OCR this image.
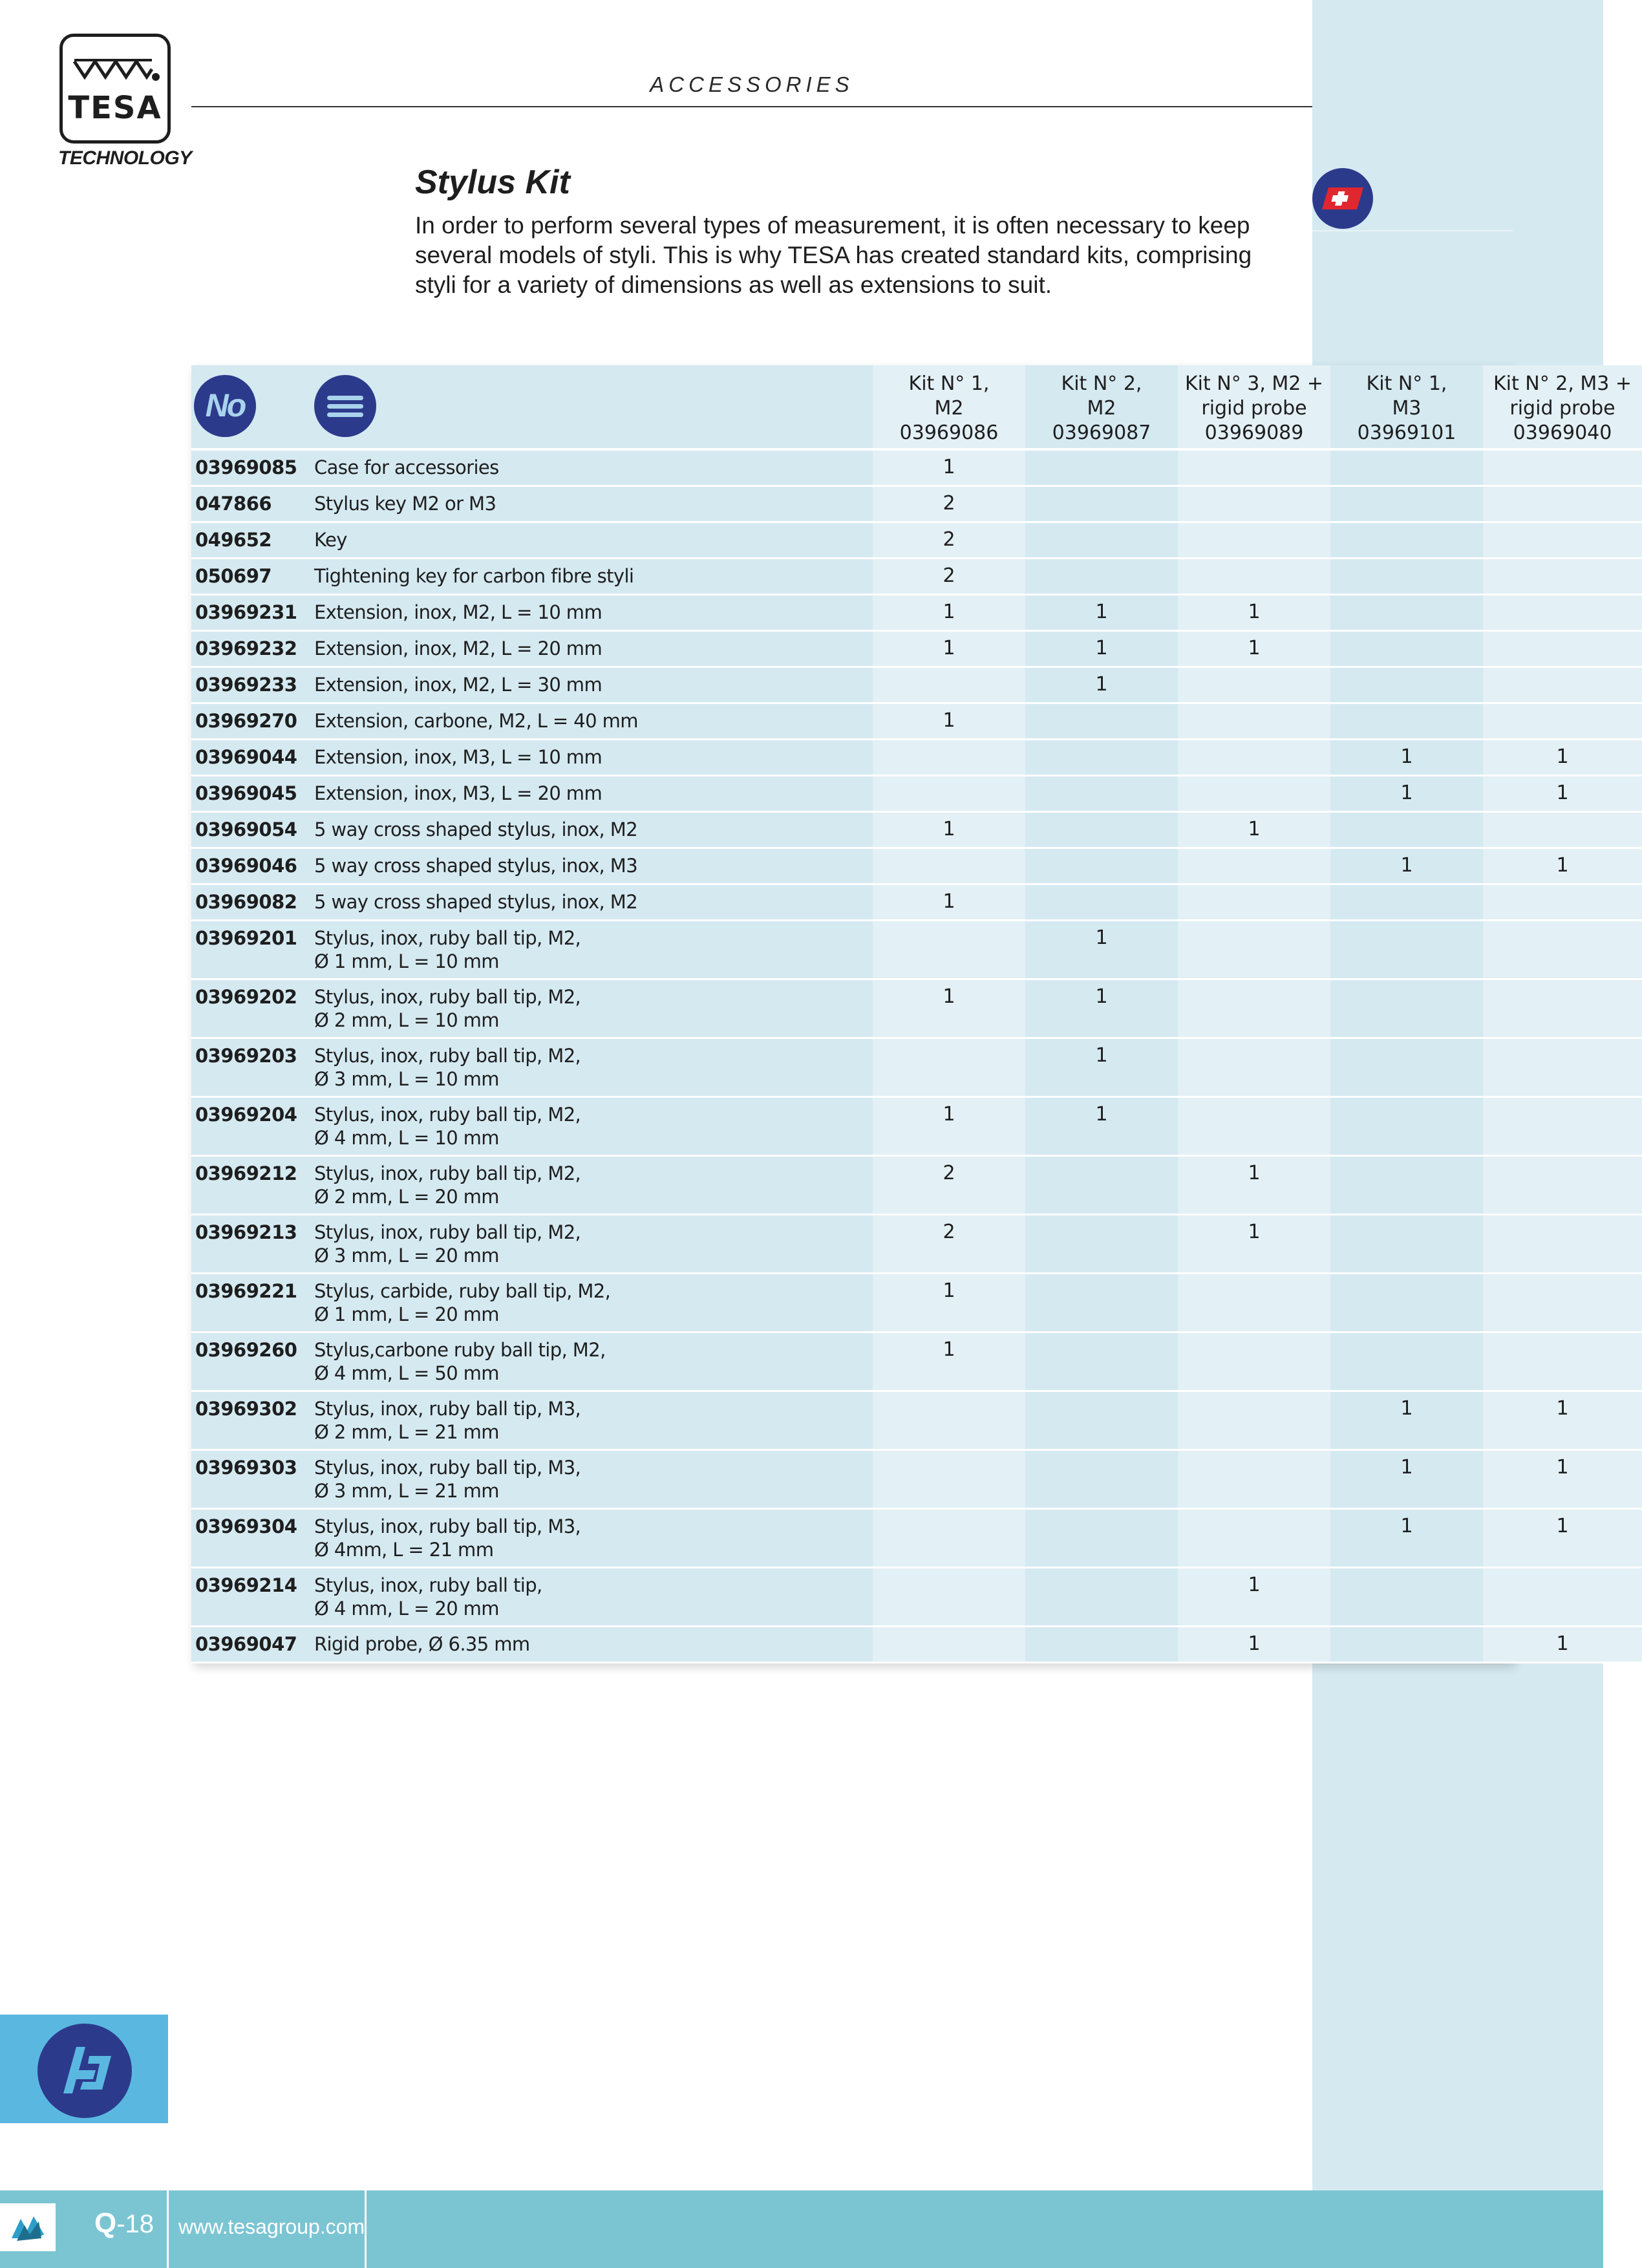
TESA
TECHNOLOGY
ACCESSORIES
Stylus Kit
In order to perform several types of measurement, it is often necessary to keep several models of styli. This is why TESA has created standard kits, comprising styli for a variety of dimensions as well as extensions to suit.
No		Kit N° 1,
M2
03969086	Kit N° 2,
M2
03969087	Kit N° 3, M2 +
rigid probe
03969089	Kit N° 1,
M3
03969101	Kit N° 2, M3 +
rigid probe
03969040

03969085	Case for accessories	1				
047866	Stylus key M2 or M3	2				
049652	Key	2				
050697	Tightening key for carbon fibre styli	2				
03969231	Extension, inox, M2, L = 10 mm	1	1	1		
03969232	Extension, inox, M2, L = 20 mm	1	1	1		
03969233	Extension, inox, M2, L = 30 mm		1			
03969270	Extension, carbone, M2, L = 40 mm	1				
03969044	Extension, inox, M3, L = 10 mm				1	1
03969045	Extension, inox, M3, L = 20 mm				1	1
03969054	5 way cross shaped stylus, inox, M2	1		1		
03969046	5 way cross shaped stylus, inox, M3				1	1
03969082	5 way cross shaped stylus, inox, M2	1				
03969201	Stylus, inox, ruby ball tip, M2,
Ø 1 mm, L = 10 mm		1			
03969202	Stylus, inox, ruby ball tip, M2,
Ø 2 mm, L = 10 mm	1	1			
03969203	Stylus, inox, ruby ball tip, M2,
Ø 3 mm, L = 10 mm		1			
03969204	Stylus, inox, ruby ball tip, M2,
Ø 4 mm, L = 10 mm	1	1			
03969212	Stylus, inox, ruby ball tip, M2,
Ø 2 mm, L = 20 mm	2		1		
03969213	Stylus, inox, ruby ball tip, M2,
Ø 3 mm, L = 20 mm	2		1		
03969221	Stylus, carbide, ruby ball tip, M2,
Ø 1 mm, L = 20 mm	1				
03969260	Stylus,carbone ruby ball tip, M2,
Ø 4 mm, L = 50 mm	1				
03969302	Stylus, inox, ruby ball tip, M3,
Ø 2 mm, L = 21 mm				1	1
03969303	Stylus, inox, ruby ball tip, M3,
Ø 3 mm, L = 21 mm				1	1
03969304	Stylus, inox, ruby ball tip, M3,
Ø 4mm, L = 21 mm				1	1
03969214	Stylus, inox, ruby ball tip,
Ø 4 mm, L = 20 mm			1		
03969047	Rigid probe, Ø 6.35 mm			1		1
Q-18 www.tesagroup.com
